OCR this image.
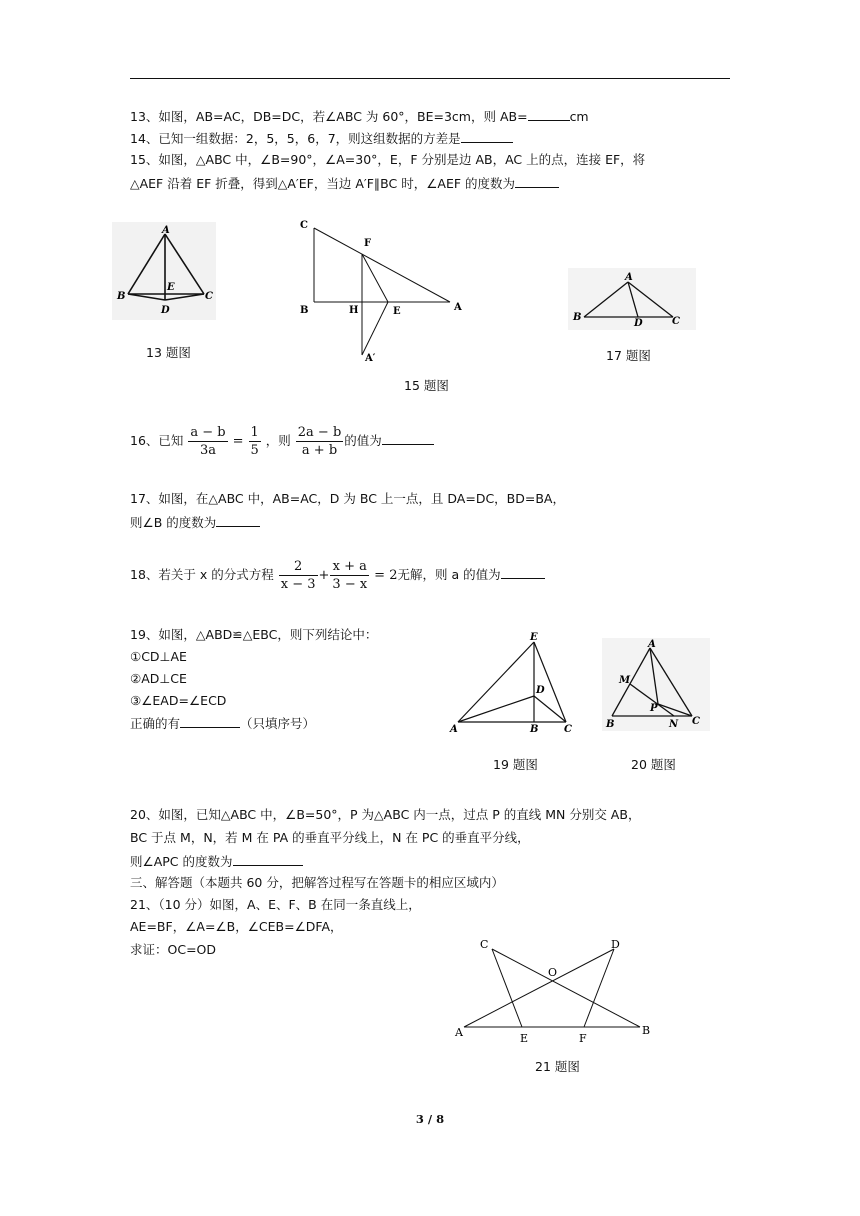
13、如图，AB=AC，DB=DC，若∠ABC 为 60°，BE=3cm，则 AB=	cm
14、已知一组数据：2，5，5，6，7，则这组数据的方差是
15、如图，△ABC 中，∠B=90°，∠A=30°，E，F 分别是边 AB，AC 上的点，连接 EF，将
△AEF 沿着 EF 折叠，得到△A′EF，当边 A′F∥BC 时，∠AEF 的度数为
A
B	C
D
E
13 题图
C
F
B	H	E	A
A′
15 题图
A
B
D	C
17 题图
16、已知 $\frac{a - b}{3a} = \frac{1}{5}$ ，则 $\frac{2a - b}{a + b}$ 的值为
17、如图，在△ABC 中，AB=AC，D 为 BC 上一点，且 DA=DC，BD=BA，
则∠B 的度数为
18、若关于 x 的分式方程 $\frac{2}{x - 3} + \frac{x + a}{3 - x} = 2$无解，则 a 的值为
19、如图，△ABD≌△EBC，则下列结论中：
①CD⊥AE
②AD⊥CE
③∠EAD=∠ECD
正确的有	（只填序号）
E
D
A	B	C
19 题图
A
M
P
B	N C
20 题图
20、如图，已知△ABC 中，∠B=50°，P 为△ABC 内一点，过点 P 的直线 MN 分别交 AB，
BC 于点 M，N，若 M 在 PA 的垂直平分线上，N 在 PC 的垂直平分线，
则∠APC 的度数为
三、解答题（本题共 60 分，把解答过程写在答题卡的相应区域内）
21、（10 分）如图，A、E、F、B 在同一条直线上，
AE=BF，∠A=∠B，∠CEB=∠DFA，
求证：OC=OD	C	D
O
A	E	F
B
21 题图
3 / 8
